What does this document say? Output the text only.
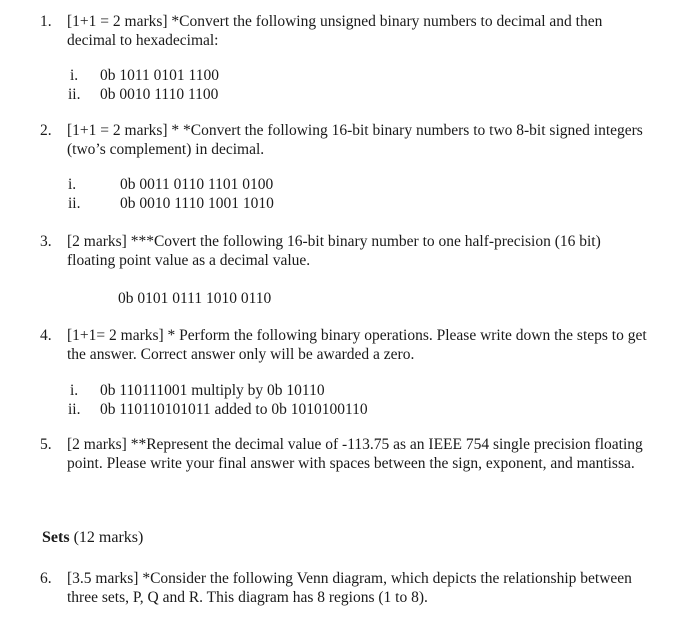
1. [1+1 = 2 marks] *Convert the following unsigned binary numbers to decimal and then decimal to hexadecimal:
i. 0b 1011 0101 1100
ii. 0b 0010 1110 1100
2. [1+1 = 2 marks] * *Convert the following 16-bit binary numbers to two 8-bit signed integers (two’s complement) in decimal.
i.	0b 0011 0110 1101 0100
ii.	0b 0010 1110 1001 1010
3. [2 marks] ***Covert the following 16-bit binary number to one half-precision (16 bit) floating point value as a decimal value.
0b 0101 0111 1010 0110
4. [1+1= 2 marks] * Perform the following binary operations. Please write down the steps to get the answer. Correct answer only will be awarded a zero.
i. 0b 110111001 multiply by 0b 10110
ii. 0b 110110101011 added to 0b 1010100110
5. [2 marks] **Represent the decimal value of -113.75 as an IEEE 754 single precision floating point. Please write your final answer with spaces between the sign, exponent, and mantissa.
Sets (12 marks)
6. [3.5 marks] *Consider the following Venn diagram, which depicts the relationship between three sets, P, Q and R. This diagram has 8 regions (1 to 8).
